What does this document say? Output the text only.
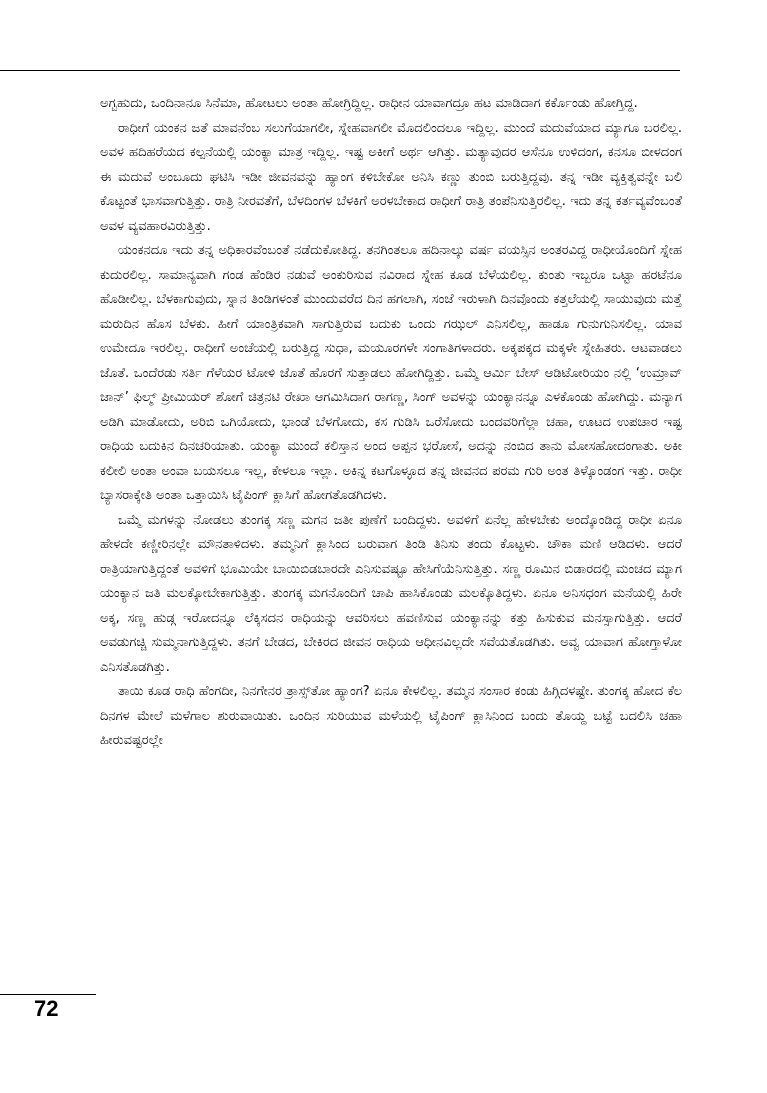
ಅಗ್ಬಹುದು, ಒಂದಿನಾನೂ ಸಿನೆಮಾ, ಹೋಟಲು ಅಂತಾ ಹೋಗ್ರಿದ್ದಿಲ್ಲ. ರಾಧೀನ ಯಾವಾಗದ್ರೂ ಹಟ ಮಾಡಿದಾಗ ಕರ್ಕೊಂಡು ಹೋಗ್ತಿದ್ದ.

ರಾಧೀಗೆ ಯಂಕನ ಜತೆ ಮಾವನೆಂಬ ಸಲುಗೆಯಾಗಲೀ, ಸ್ನೇಹವಾಗಲೀ ಮೊದಲಿಂದಲೂ ಇದ್ದಿಲ್ಲ. ಮುಂದೆ ಮದುವೆಯಾದ ಮ್ಯಾಗೂ ಬರಲಿಲ್ಲ. ಅವಳ ಹದಿಹರೆಯದ ಕಲ್ಪನೆಯಲ್ಲಿ ಯಂಕ್ಯಾ ಮಾತ್ರ ಇದ್ದಿಲ್ಲ. ಇಷ್ಟ ಅಕೀಗೆ ಅರ್ಥ ಆಗಿತ್ತು. ಮತ್ಯಾವುದರ ಆಸೆನೂ ಉಳಿದಂಗ, ಕನಸೂ ಬೀಳದಂಗ ಈ ಮದುವೆ ಅಂಬೂದು ಘಟಿಸಿ ಇಡೀ ಜೀವನವನ್ನು ಹ್ಯಾಂಗ ಕಳಿಬೇಕೋ ಅನಿಸಿ ಕಣ್ಣು ತುಂಬಿ ಬರುತ್ತಿದ್ದವು. ತನ್ನ ಇಡೀ ವ್ಯಕ್ತಿತ್ವವನ್ನೇ ಬಲಿ ಕೊಟ್ಟಂತೆ ಭಾಸವಾಗುತ್ತಿತ್ತು. ರಾತ್ರಿ ನೀರವತೆಗೆ, ಬೆಳದಿಂಗಳ ಬೆಳಕಿಗೆ ಅರಳಬೇಕಾದ ರಾಧೀಗೆ ರಾತ್ರಿ ತಂಪೆನಿಸುತ್ತಿರಲಿಲ್ಲ. ಇದು ತನ್ನ ಕರ್ತವ್ಯವೆಂಬಂತೆ ಅವಳ ವ್ಯವಹಾರವಿರುತ್ತಿತ್ತು.

ಯಂಕನದೂ ಇದು ತನ್ನ ಅಧಿಕಾರವೆಂಬಂತೆ ನಡೆದುಕೋತಿದ್ದ. ತನಗಿಂತಲೂ ಹದಿನಾಲ್ಕು ವರ್ಷ ವಯಸ್ಸಿನ ಅಂತರವಿದ್ದ ರಾಧೀಯೊಂದಿಗೆ ಸ್ನೇಹ ಕುದುರಲಿಲ್ಲ. ಸಾಮಾನ್ಯವಾಗಿ ಗಂಡ ಹೆಂಡಿರ ನಡುವೆ ಅಂಕುರಿಸುವ ನವಿರಾದ ಸ್ನೇಹ ಕೂಡ ಬೆಳೆಯಲಿಲ್ಲ. ಕುಂತು ಇಬ್ಬರೂ ಒಟ್ಟಾ ಹರಟೆನೂ ಹೊಡೀಲಿಲ್ಲ. ಬೆಳಕಾಗುವುದು, ಸ್ನಾನ ತಿಂಡಿಗಳಂತೆ ಮುಂದುವರೆದ ದಿನ ಹಗಲಾಗಿ, ಸಂಜೆ ಇರುಳಾಗಿ ದಿನವೊಂದು ಕತ್ತಲೆಯಲ್ಲಿ ಸಾಯುವುದು ಮತ್ತೆ ಮರುದಿನ ಹೊಸ ಬೆಳಕು. ಹೀಗೆ ಯಾಂತ್ರಿಕವಾಗಿ ಸಾಗುತ್ತಿರುವ ಬದುಕು ಒಂದು ಗಝಲ್ ಎನಿಸಲಿಲ್ಲ, ಹಾಡೂ ಗುನುಗುನಿಸಲಿಲ್ಲ. ಯಾವ ಉಮೇದೂ ಇರಲಿಲ್ಲ. ರಾಧೀಗೆ ಅಂಚೆಯಲ್ಲಿ ಬರುತ್ತಿದ್ದ ಸುಧಾ, ಮಯೂರಗಳೇ ಸಂಗಾತಿಗಳಾದರು. ಅಕ್ಕಪಕ್ಕದ ಮಕ್ಕಳೇ ಸ್ನೇಹಿತರು. ಆಟವಾಡಲು ಜೊತೆ. ಒಂದೆರಡು ಸರ್ತಿ ಗೆಳೆಯರ ಟೋಳಿ ಜೊತೆ ಹೊರಗೆ ಸುತ್ತಾಡಲು ಹೋಗಿದ್ದಿತ್ತು. ಒಮ್ಮೆ ಆರ್ಮಿ ಬೇಸ್ ಆಡಿಟೋರಿಯಂ ನಲ್ಲಿ ‘ಉಮ್ರಾವ್ ಜಾನ್’ ಫಿಲ್ಮ್ ಪ್ರೀಮಿಯರ್ ಶೋಗೆ ಚಿತ್ರನಟಿ ರೇಖಾ ಆಗಮಿಸಿದಾಗ ರಾಗಣ್ಣ, ಸಿಂಗ್ ಅವಳನ್ನು ಯಂಕ್ಯಾನನ್ನೂ ಎಳಕೊಂಡು ಹೋಗಿದ್ದು. ಮನ್ಯಾಗ ಅಡಿಗಿ ಮಾಡೋದು, ಅರಿಬಿ ಒಗಿಯೋದು, ಭಾಂಡೆ ಬೆಳಗೋದು, ಕಸ ಗುಡಿಸಿ ಒರೆಸೋದು ಬಂದವರಿಗೆಲ್ಲಾ ಚಹಾ, ಊಟದ ಉಪಚಾರ ಇಷ್ಟ ರಾಧಿಯ ಬದುಕಿನ ದಿನಚರಿಯಾತು. ಯಂಕ್ಯಾ ಮುಂದೆ ಕಲಿಸ್ತಾನ ಅಂದ ಅಪ್ಪನ ಭರೋಸೆ, ಅದನ್ನು ನಂಬಿದ ತಾನು ಮೋಸಹೋದಂಗಾತು. ಅಕೀ ಕಲೀಲಿ ಅಂತಾ ಅಂವಾ ಬಯಸಲೂ ಇಲ್ಲ, ಕೇಳಲೂ ಇಲ್ಲಾ. ಅಕಿನ್ನ ಕಟಗೊಳ್ಳೂದ ತನ್ನ ಜೀವನದ ಪರಮ ಗುರಿ ಅಂತ ತಿಳ್ಕೊಂಡಂಗ ಇತ್ತು. ರಾಧೀ ಬ್ಯಾಸರಾಕ್ಕೇತಿ ಅಂತಾ ಒತ್ತಾಯಿಸಿ ಟೈಪಿಂಗ್ ಕ್ಲಾಸಿಗೆ ಹೋಗತೊಡಗಿದಳು.

ಒಮ್ಮೆ ಮಗಳನ್ನು ನೋಡಲು ತುಂಗಕ್ಕ ಸಣ್ಣ ಮಗನ ಜತೀ ಪುಣೆಗೆ ಬಂದಿದ್ದಳು. ಅವಳಿಗೆ ಏನೆಲ್ಲ ಹೇಳಬೇಕು ಅಂದ್ಕೊಂಡಿದ್ದ ರಾಧೀ ಏನೂ ಹೇಳದೇ ಕಣ್ಣೀರಿನಲ್ಲೇ ಮೌನತಾಳಿದಳು. ತಮ್ಮನಿಗೆ ಕ್ಲಾಸಿಂದ ಬರುವಾಗ ತಿಂಡಿ ತಿನಿಸು ತಂದು ಕೊಟ್ಟಳು. ಚೌಕಾ ಮಣಿ ಆಡಿದಳು. ಆದರೆ ರಾತ್ರಿಯಾಗುತ್ತಿದ್ದಂತೆ ಅವಳಿಗೆ ಭೂಮಿಯೇ ಬಾಯಿಬಿಡಬಾರದೇ ಎನಿಸುವಷ್ಟೂ ಹೇಸಿಗೆಯೆನಿಸುತ್ತಿತ್ತು. ಸಣ್ಣ ರೂಮಿನ ಬಿಡಾರದಲ್ಲಿ ಮಂಚದ ಮ್ಯಾಗ ಯಂಕ್ಯಾನ ಜತಿ ಮಲಕ್ಕೋಬೇಕಾಗುತ್ತಿತ್ತು. ತುಂಗಕ್ಕ ಮಗನೊಂದಿಗೆ ಚಾಪಿ ಹಾಸಿಕೊಂಡು ಮಲಕ್ಕೊತಿದ್ದಳು. ಏನೂ ಅನಿಸಧಂಗ ಮನೆಯಲ್ಲಿ ಹಿರೇ ಅಕ್ಕ, ಸಣ್ಣ ಹುಡ್ಗ ಇರೋದನ್ನೂ ಲೆಕ್ಕಿಸದನ ರಾಧಿಯನ್ನು ಆವರಿಸಲು ಹವಣಿಸುವ ಯಂಕ್ಯಾನನ್ನು ಕತ್ತು ಹಿಸುಕುವ ಮನಸ್ಸಾಗುತ್ತಿತ್ತು. ಆದರೆ ಅವಡುಗಚ್ಚಿ ಸುಮ್ಮನಾಗುತ್ತಿದ್ದಳು. ತನಗೆ ಬೇಡದ, ಬೇಕಿರದ ಜೀವನ ರಾಧಿಯ ಆಧೀನವಿಲ್ಲದೇ ಸವೆಯತೊಡಗಿತು. ಅವ್ವ ಯಾವಾಗ ಹೋಗ್ತಾಳೋ ಎನಿಸತೊಡಗಿತ್ತು.

ತಾಯಿ ಕೂಡ ರಾಧಿ ಹೆಂಗದೀ, ನಿನಗೇನರ ತ್ರಾಸ್ಸ್‌ತೋ ಹ್ಯಾಂಗ? ಏನೂ ಕೇಳಲಿಲ್ಲ. ತಮ್ಮನ ಸಂಸಾರ ಕಂಡು ಹಿಗ್ಗಿದಳಷ್ಟೇ. ತುಂಗಕ್ಕ ಹೋದ ಕೆಲ ದಿನಗಳ ಮೇಲೆ ಮಳೆಗಾಲ ಶುರುವಾಯಿತು. ಒಂದಿನ ಸುರಿಯುವ ಮಳೆಯಲ್ಲಿ ಟೈಪಿಂಗ್ ಕ್ಲಾಸಿನಿಂದ ಬಂದು ತೊಯ್ದ ಬಟ್ಟೆ ಬದಲಿಸಿ ಚಹಾ ಹೀರುವಷ್ಟರಲ್ಲೇ

72
